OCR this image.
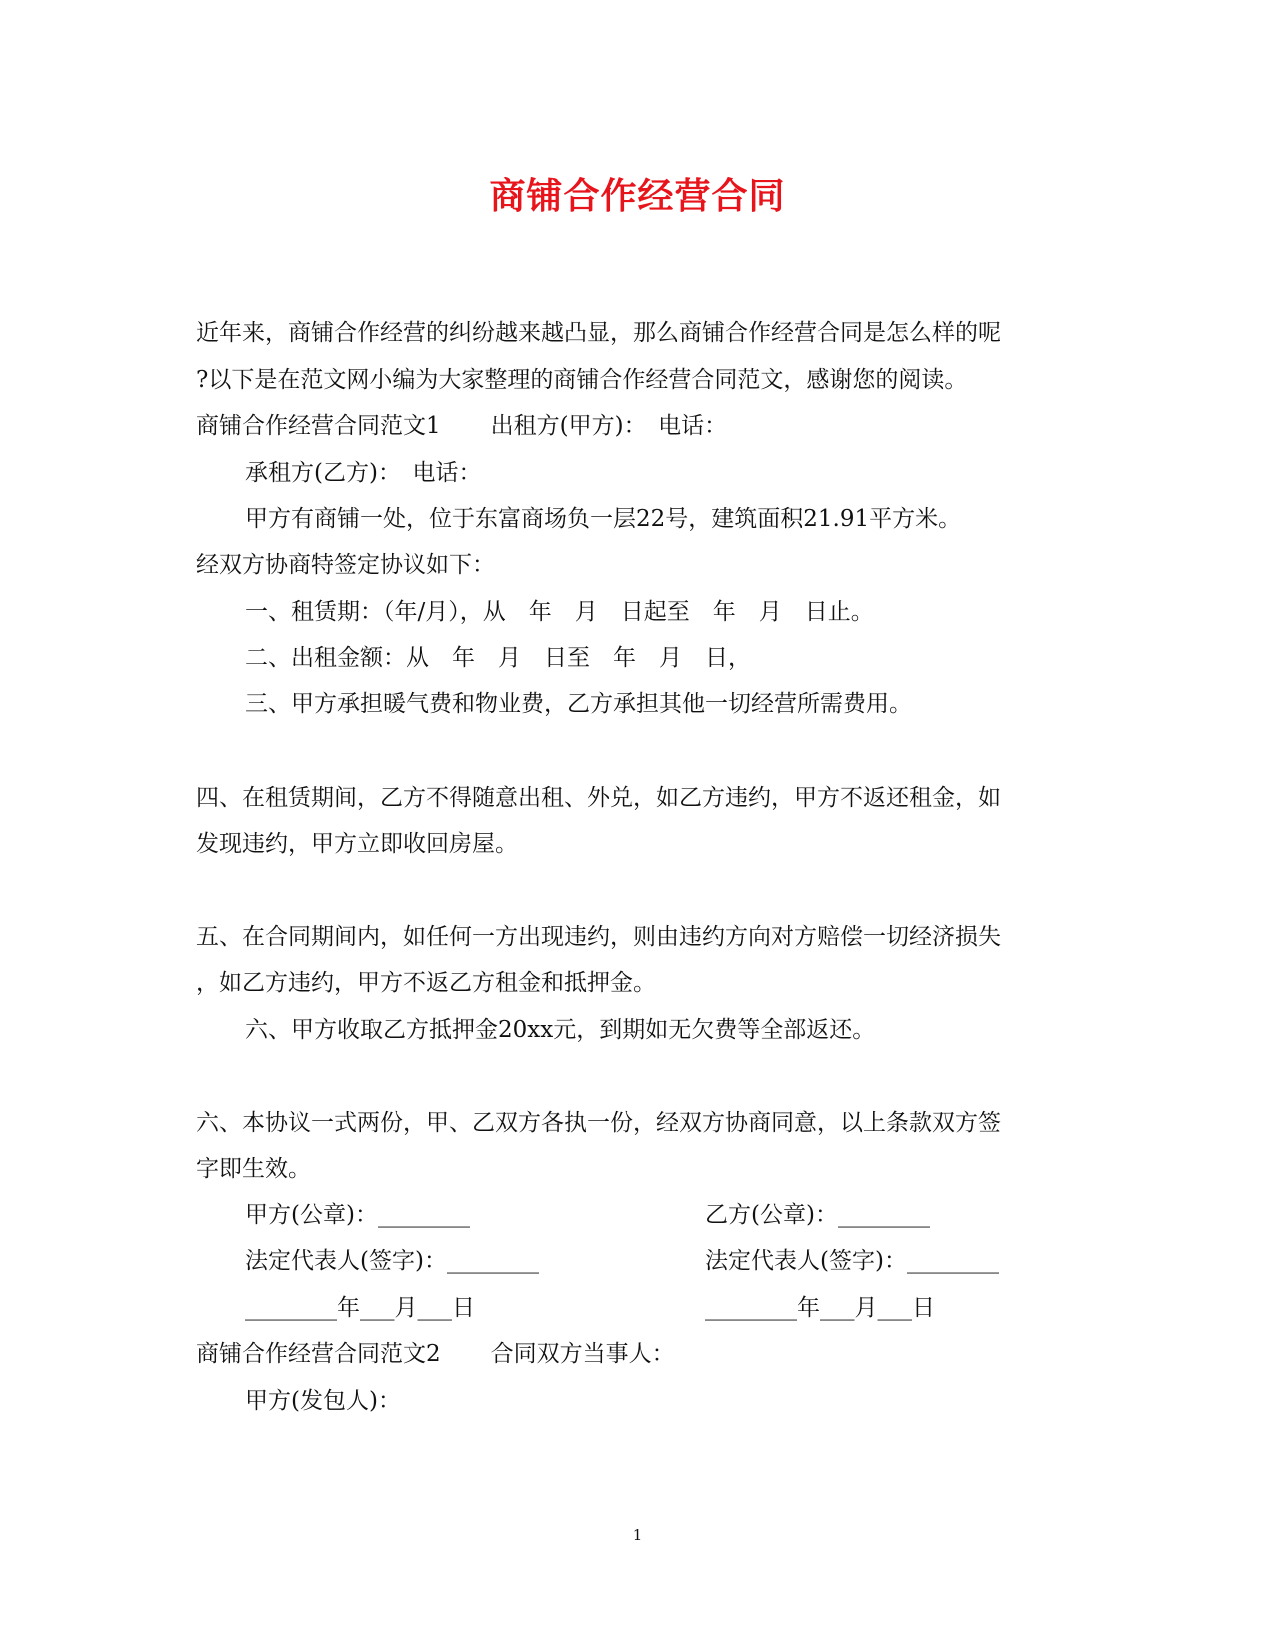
商铺合作经营合同

近年来，商铺合作经营的纠纷越来越凸显，那么商铺合作经营合同是怎么样的呢

?以下是在范文网小编为大家整理的商铺合作经营合同范文，感谢您的阅读。

商铺合作经营合同范文1 出租方(甲方)：　电话：

承租方(乙方)：　电话：

甲方有商铺一处，位于东富商场负一层22号，建筑面积21.91平方米。

经双方协商特签定协议如下：

一、租赁期：（年/月），从　年　月　日起至　年　月　日止。

二、出租金额：从　年　月　日至　年　月　日，

三、甲方承担暖气费和物业费，乙方承担其他一切经营所需费用。

四、在租赁期间，乙方不得随意出租、外兑，如乙方违约，甲方不返还租金，如

发现违约，甲方立即收回房屋。

五、在合同期间内，如任何一方出现违约，则由违约方向对方赔偿一切经济损失

，如乙方违约，甲方不返乙方租金和抵押金。

六、甲方收取乙方抵押金20xx元，到期如无欠费等全部返还。

六、本协议一式两份，甲、乙双方各执一份，经双方协商同意，以上条款双方签

字即生效。

甲方(公章)：________	乙方(公章)：________

法定代表人(签字)：________	法定代表人(签字)：________

________年___月___日	________年___月___日

商铺合作经营合同范文2 合同双方当事人：

甲方(发包人)：

1
